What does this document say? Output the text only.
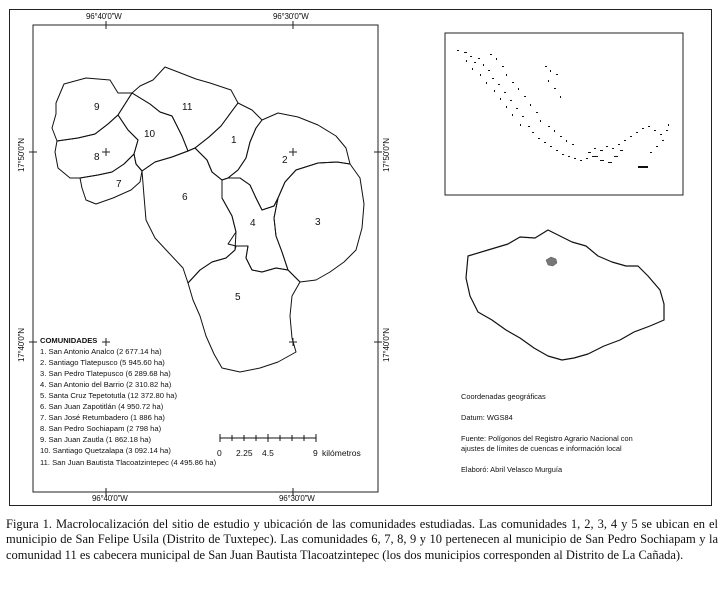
96°40'0"W	96°30'0"W
96°40'0"W	96°30'0"W
17°50'0"N
17°40'0"N
17°50'0"N
17°40'0"N
1
2
3
4
5
6
7
8
9
10
11
COMUNIDADES
1. San Antonio Analco (2 677.14 ha)
2. Santiago Tlatepusco (5 945.60 ha)
3. San Pedro Tlatepusco (6 289.68 ha)
4. San Antonio del Barrio (2 310.82 ha)
5. Santa Cruz Tepetotutla (12 372.80 ha)
6. San Juan Zapotitlán (4 950.72 ha)
7. San José Retumbadero (1 886 ha)
8. San Pedro Sochiapam (2 798 ha)
9. San Juan Zautla (1 862.18 ha)
10. Santiago Quetzalapa (3 092.14 ha)
11. San Juan Bautista Tlacoatzintepec (4 495.86 ha)
0 2.25 4.5	9 kilómetros
Coordenadas geográficas
Datum: WGS84
Fuente: Polígonos del Registro Agrario Nacional con
ajustes de límites de cuencas e información local
Elaboró: Abril Velasco Murguía
Figura 1. Macrolocalización del sitio de estudio y ubicación de las comunidades estudiadas. Las comunidades 1, 2, 3, 4 y 5 se ubican en el municipio de San Felipe Usila (Distrito de Tuxtepec). Las comunidades 6, 7, 8, 9 y 10 pertenecen al municipio de San Pedro Sochiapam y la comunidad 11 es cabecera municipal de San Juan Bautista Tlacoatzintepec (los dos municipios corresponden al Distrito de La Cañada).
